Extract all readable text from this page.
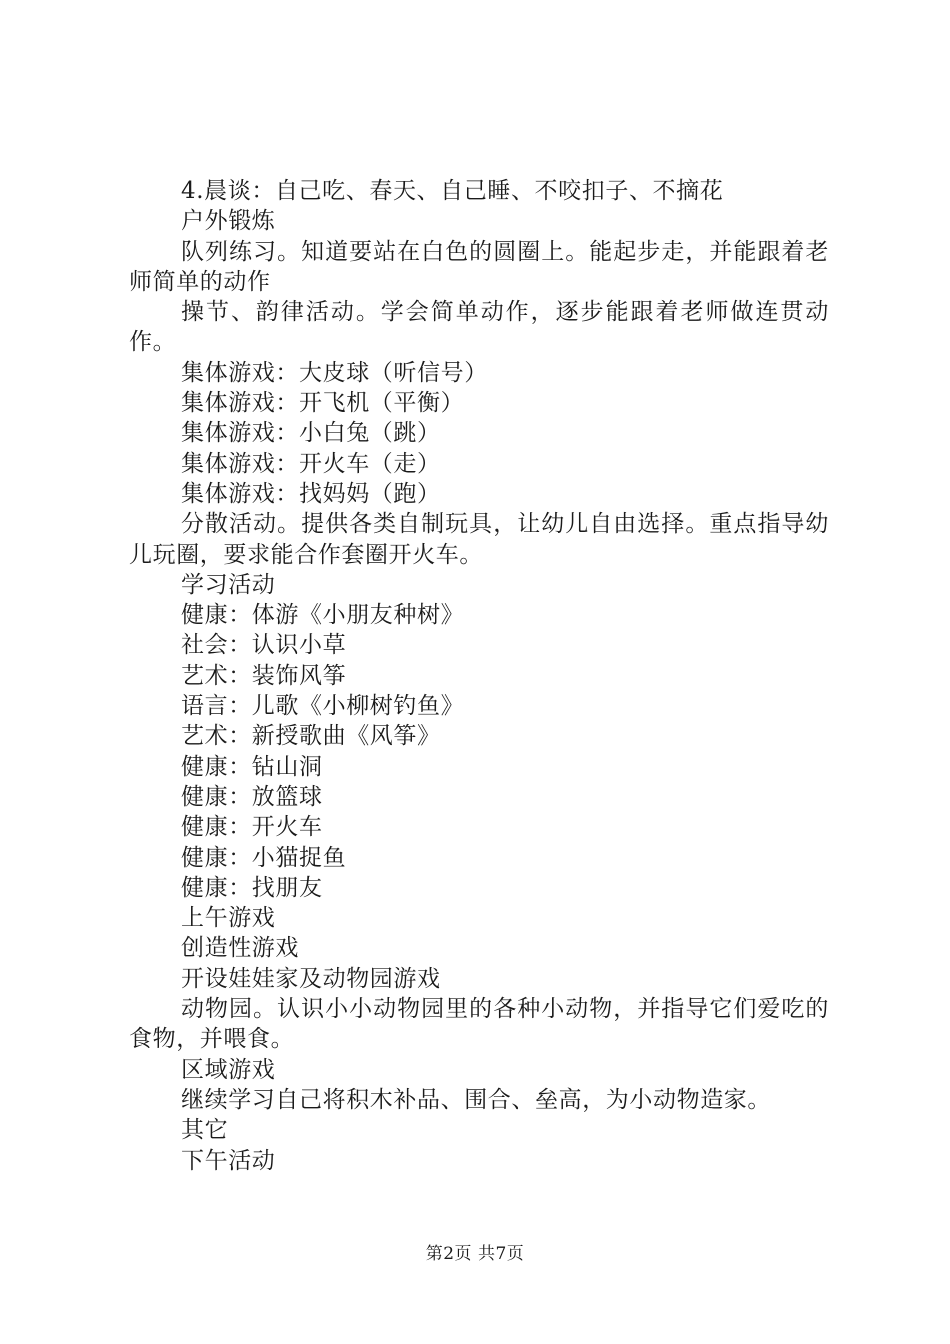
4.晨谈：自己吃、春天、自己睡、不咬扣子、不摘花

户外锻炼

队列练习。知道要站在白色的圆圈上。能起步走，并能跟着老师简单的动作

操节、韵律活动。学会简单动作，逐步能跟着老师做连贯动作。

集体游戏：大皮球（听信号）

集体游戏：开飞机（平衡）

集体游戏：小白兔（跳）

集体游戏：开火车（走）

集体游戏：找妈妈（跑）

分散活动。提供各类自制玩具，让幼儿自由选择。重点指导幼儿玩圈，要求能合作套圈开火车。

学习活动

健康：体游《小朋友种树》

社会：认识小草

艺术：装饰风筝

语言：儿歌《小柳树钓鱼》

艺术：新授歌曲《风筝》

健康：钻山洞

健康：放篮球

健康：开火车

健康：小猫捉鱼

健康：找朋友

上午游戏

创造性游戏

开设娃娃家及动物园游戏

动物园。认识小小动物园里的各种小动物，并指导它们爱吃的食物，并喂食。

区域游戏

继续学习自己将积木补品、围合、垒高，为小动物造家。

其它

下午活动

第2页 共7页
